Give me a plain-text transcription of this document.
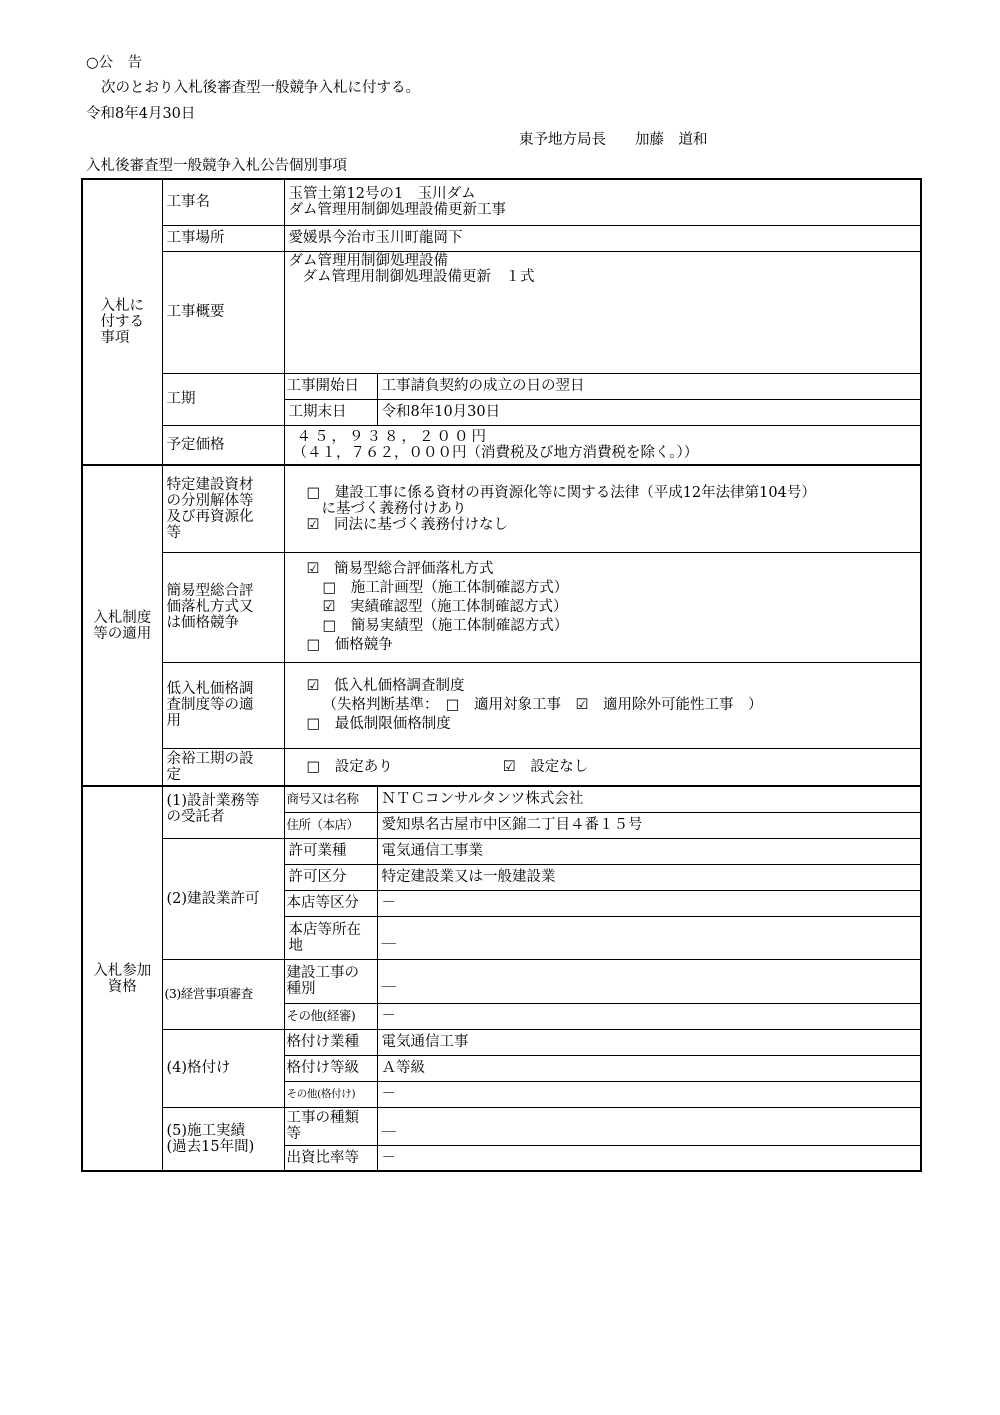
○公　告
次のとおり入札後審査型一般競争入札に付する。
令和8年4月30日
東予地方局長　　加藤　道和
入札後審査型一般競争入札公告個別事項
入札に
付する
事項	工事名	玉管土第12号の1　玉川ダム
ダム管理用制御処理設備更新工事	

	工事場所	愛媛県今治市玉川町龍岡下	
	工事概要	ダム管理用制御処理設備
ダム管理用制御処理設備更新　１式	

	工期	工事開始日	工事請負契約の成立の日の翌日
		工期末日	令和8年10月30日
	予定価格	４５，９３８，２００円
（４１，７６２，０００円（消費税及び地方消費税を除く。））	

入札制度
等の適用	特定建設資材
の分別解体等
及び再資源化
等	□　建設工事に係る資材の再資源化等に関する法律（平成12年法律第104号）
に基づく義務付けあり
☑　同法に基づく義務付けなし	

	簡易型総合評
価落札方式又
は価格競争	☑　簡易型総合評価落札方式
□　施工計画型（施工体制確認方式）
☑　実績確認型（施工体制確認方式）
□　簡易実績型（施工体制確認方式）
□　価格競争	

	低入札価格調
査制度等の適
用	☑　低入札価格調査制度
（失格判断基準：　□　適用対象工事　☑　適用除外可能性工事　）
□　最低制限価格制度	

	余裕工期の設
定	□　設定あり ☑　設定なし	
入札参加
資格	(1)設計業務等
の受託者	商号又は名称	ＮＴＣコンサルタンツ株式会社
		住所（本店）	愛知県名古屋市中区錦二丁目４番１５号
	(2)建設業許可	許可業種	電気通信工事業
		許可区分	特定建設業又は一般建設業
		本店等区分	－
		本店等所在
地	＿
	(3)経営事項審査	建設工事の
種別	＿
		その他(経審)	－
	(4)格付け	格付け業種	電気通信工事
		格付け等級	Ａ等級
		その他(格付け)	－
	(5)施工実績
(過去15年間)	工事の種類
等	＿
		出資比率等	－
